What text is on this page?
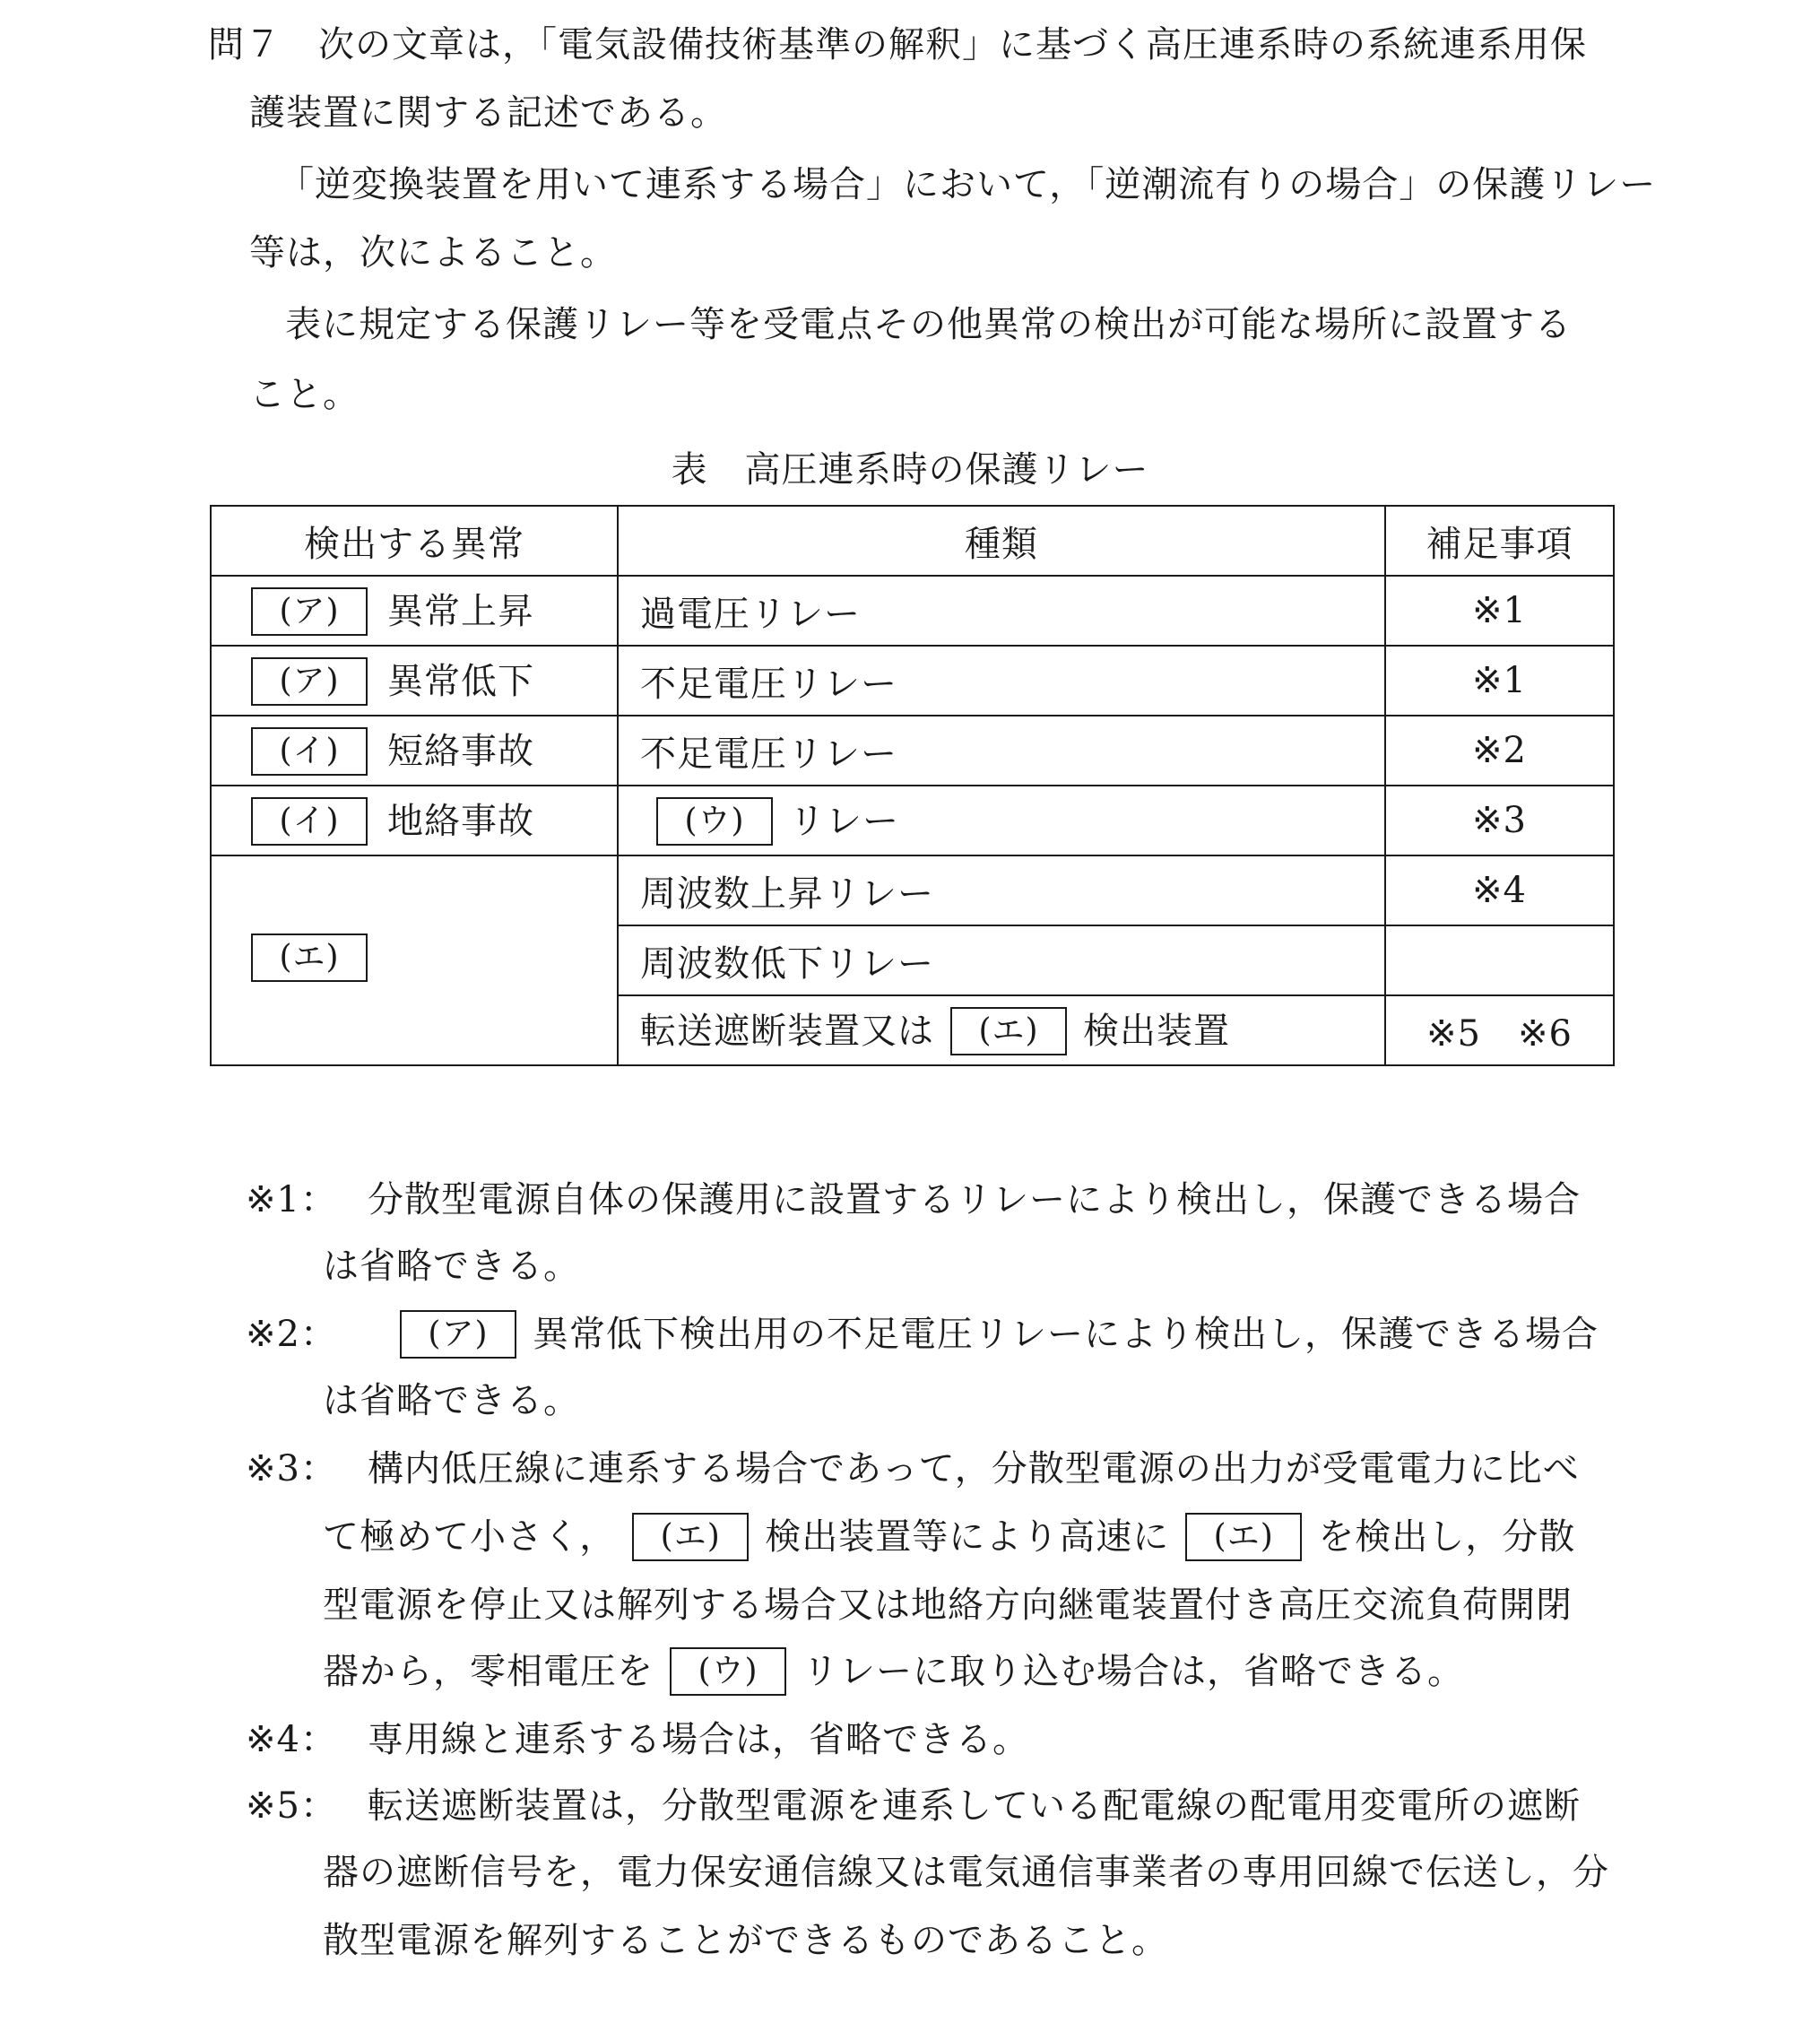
問７　次の文章は，「電気設備技術基準の解釈」に基づく高圧連系時の系統連系用保
護装置に関する記述である。
「逆変換装置を用いて連系する場合」において，「逆潮流有りの場合」の保護リレー
等は，次によること。
表に規定する保護リレー等を受電点その他異常の検出が可能な場所に設置する
こと。
表　高圧連系時の保護リレー
検出する異常	種類	補足事項
(ア) 異常上昇	過電圧リレー	※1
(ア) 異常低下	不足電圧リレー	※1
(イ) 短絡事故	不足電圧リレー	※2
(イ) 地絡事故	(ウ) リレー	※3
(エ)	周波数上昇リレー	※4
	周波数低下リレー	
	転送遮断装置又は (エ) 検出装置	※5　※6
※1： 分散型電源自体の保護用に設置するリレーにより検出し，保護できる場合
は省略できる。
※2：	(ア) 異常低下検出用の不足電圧リレーにより検出し，保護できる場合
は省略できる。
※3： 構内低圧線に連系する場合であって，分散型電源の出力が受電電力に比べ
て極めて小さく， (エ) 検出装置等により高速に (エ) を検出し，分散
型電源を停止又は解列する場合又は地絡方向継電装置付き高圧交流負荷開閉
器から，零相電圧を (ウ) リレーに取り込む場合は，省略できる。
※4： 専用線と連系する場合は，省略できる。
※5： 転送遮断装置は，分散型電源を連系している配電線の配電用変電所の遮断
器の遮断信号を，電力保安通信線又は電気通信事業者の専用回線で伝送し，分
散型電源を解列することができるものであること。
